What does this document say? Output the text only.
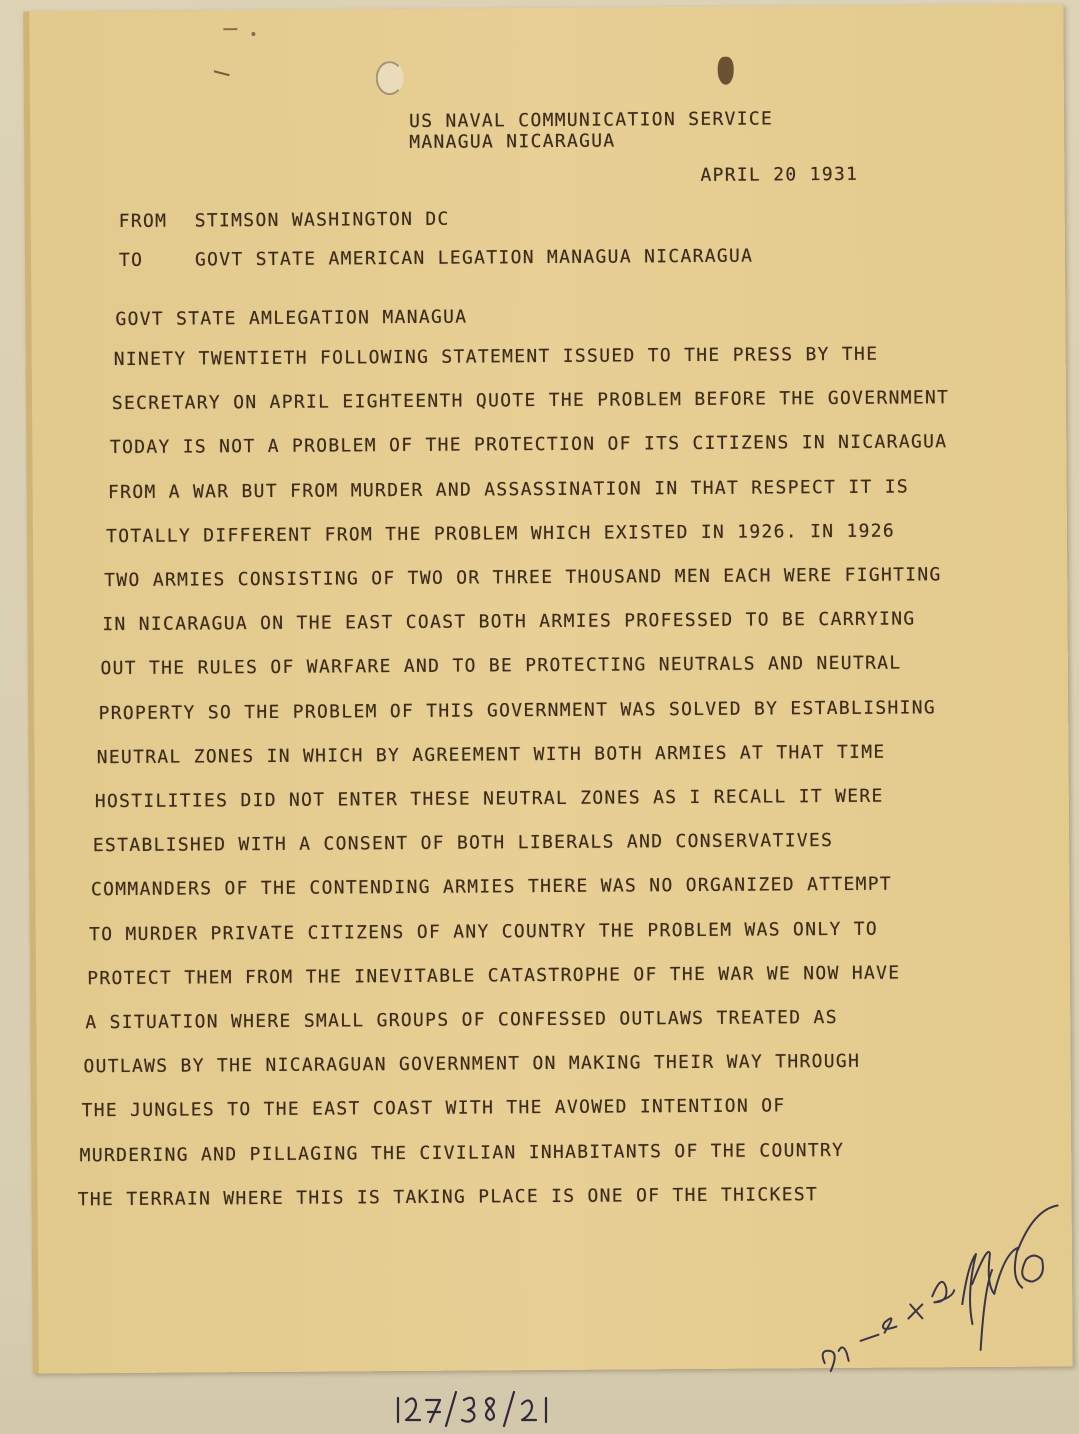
US NAVAL COMMUNICATION SERVICE
MANAGUA NICARAGUA
APRIL 20 1931
FROM STIMSON WASHINGTON DC
TO	GOVT STATE AMERICAN LEGATION MANAGUA NICARAGUA
GOVT STATE AMLEGATION MANAGUA
NINETY TWENTIETH FOLLOWING STATEMENT ISSUED TO THE PRESS BY THE
SECRETARY ON APRIL EIGHTEENTH QUOTE THE PROBLEM BEFORE THE GOVERNMENT
TODAY IS NOT A PROBLEM OF THE PROTECTION OF ITS CITIZENS IN NICARAGUA
FROM A WAR BUT FROM MURDER AND ASSASSINATION IN THAT RESPECT IT IS
TOTALLY DIFFERENT FROM THE PROBLEM WHICH EXISTED IN 1926. IN 1926
TWO ARMIES CONSISTING OF TWO OR THREE THOUSAND MEN EACH WERE FIGHTING
IN NICARAGUA ON THE EAST COAST BOTH ARMIES PROFESSED TO BE CARRYING
OUT THE RULES OF WARFARE AND TO BE PROTECTING NEUTRALS AND NEUTRAL
PROPERTY SO THE PROBLEM OF THIS GOVERNMENT WAS SOLVED BY ESTABLISHING
NEUTRAL ZONES IN WHICH BY AGREEMENT WITH BOTH ARMIES AT THAT TIME
HOSTILITIES DID NOT ENTER THESE NEUTRAL ZONES AS I RECALL IT WERE
ESTABLISHED WITH A CONSENT OF BOTH LIBERALS AND CONSERVATIVES
COMMANDERS OF THE CONTENDING ARMIES THERE WAS NO ORGANIZED ATTEMPT
TO MURDER PRIVATE CITIZENS OF ANY COUNTRY THE PROBLEM WAS ONLY TO
PROTECT THEM FROM THE INEVITABLE CATASTROPHE OF THE WAR WE NOW HAVE
A SITUATION WHERE SMALL GROUPS OF CONFESSED OUTLAWS TREATED AS
OUTLAWS BY THE NICARAGUAN GOVERNMENT ON MAKING THEIR WAY THROUGH
THE JUNGLES TO THE EAST COAST WITH THE AVOWED INTENTION OF
MURDERING AND PILLAGING THE CIVILIAN INHABITANTS OF THE COUNTRY
THE TERRAIN WHERE THIS IS TAKING PLACE IS ONE OF THE THICKEST
